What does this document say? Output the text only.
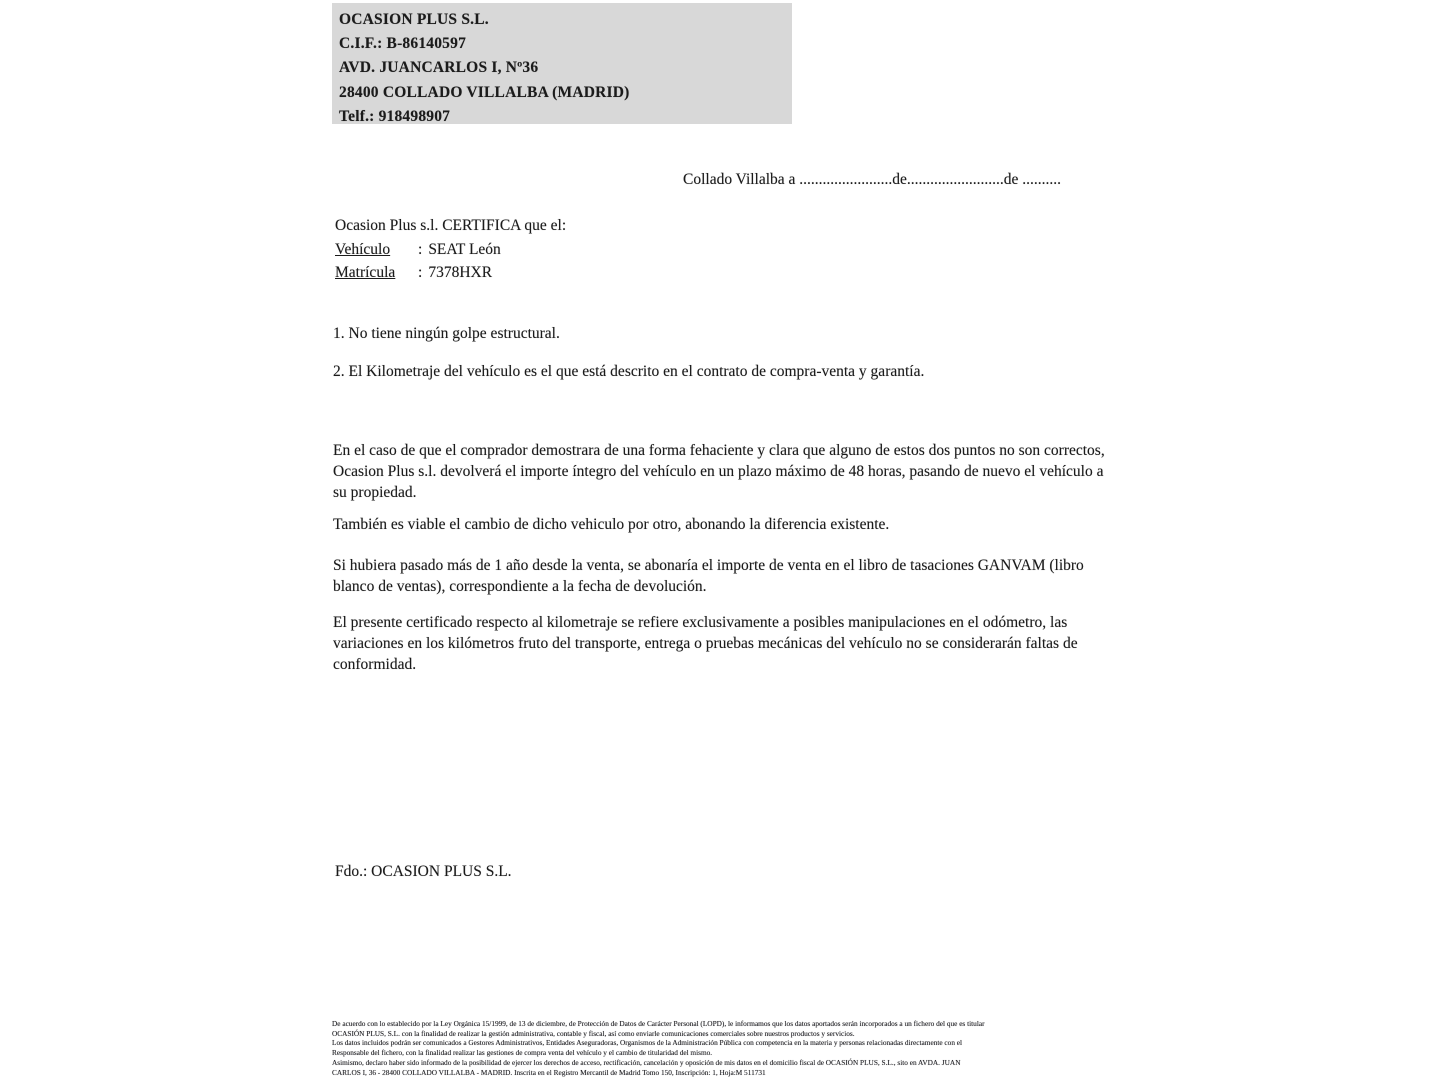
OCASION PLUS S.L.
C.I.F.: B-86140597
AVD. JUANCARLOS I, Nº36
28400 COLLADO VILLALBA (MADRID)
Telf.: 918498907
Collado Villalba a ........................de.........................de ..........
Ocasion Plus s.l. CERTIFICA que el:
Vehículo : SEAT León
Matrícula : 7378HXR
1. No tiene ningún golpe estructural.
2. El Kilometraje del vehículo es el que está descrito en el contrato de compra-venta y garantía.
En el caso de que el comprador demostrara de una forma fehaciente y clara que alguno de estos dos puntos no son correctos, Ocasion Plus s.l. devolverá el importe íntegro del vehículo en un plazo máximo de 48 horas, pasando de nuevo el vehículo a su propiedad.
También es viable el cambio de dicho vehiculo por otro, abonando la diferencia existente.
Si hubiera pasado más de 1 año desde la venta, se abonaría el importe de venta en el libro de tasaciones GANVAM (libro blanco de ventas), correspondiente a la fecha de devolución.
El presente certificado respecto al kilometraje se refiere exclusivamente a posibles manipulaciones en el odómetro, las variaciones en los kilómetros fruto del transporte, entrega o pruebas mecánicas del vehículo no se considerarán faltas de conformidad.
Fdo.: OCASION PLUS S.L.
De acuerdo con lo establecido por la Ley Orgánica 15/1999, de 13 de diciembre, de Protección de Datos de Carácter Personal (LOPD), le informamos que los datos aportados serán incorporados a un fichero del que es titular
OCASIÓN PLUS, S.L. con la finalidad de realizar la gestión administrativa, contable y fiscal, así como enviarle comunicaciones comerciales sobre nuestros productos y servicios.
Los datos incluidos podrán ser comunicados a Gestores Administrativos, Entidades Aseguradoras, Organismos de la Administración Pública con competencia en la materia y personas relacionadas directamente con el
Responsable del fichero, con la finalidad realizar las gestiones de compra venta del vehículo y el cambio de titularidad del mismo.
Asimismo, declaro haber sido informado de la posibilidad de ejercer los derechos de acceso, rectificación, cancelación y oposición de mis datos en el domicilio fiscal de OCASIÓN PLUS, S.L., sito en AVDA. JUAN
CARLOS I, 36 - 28400 COLLADO VILLALBA - MADRID. Inscrita en el Registro Mercantil de Madrid Tomo 150, Inscripción: 1, Hoja:M 511731
